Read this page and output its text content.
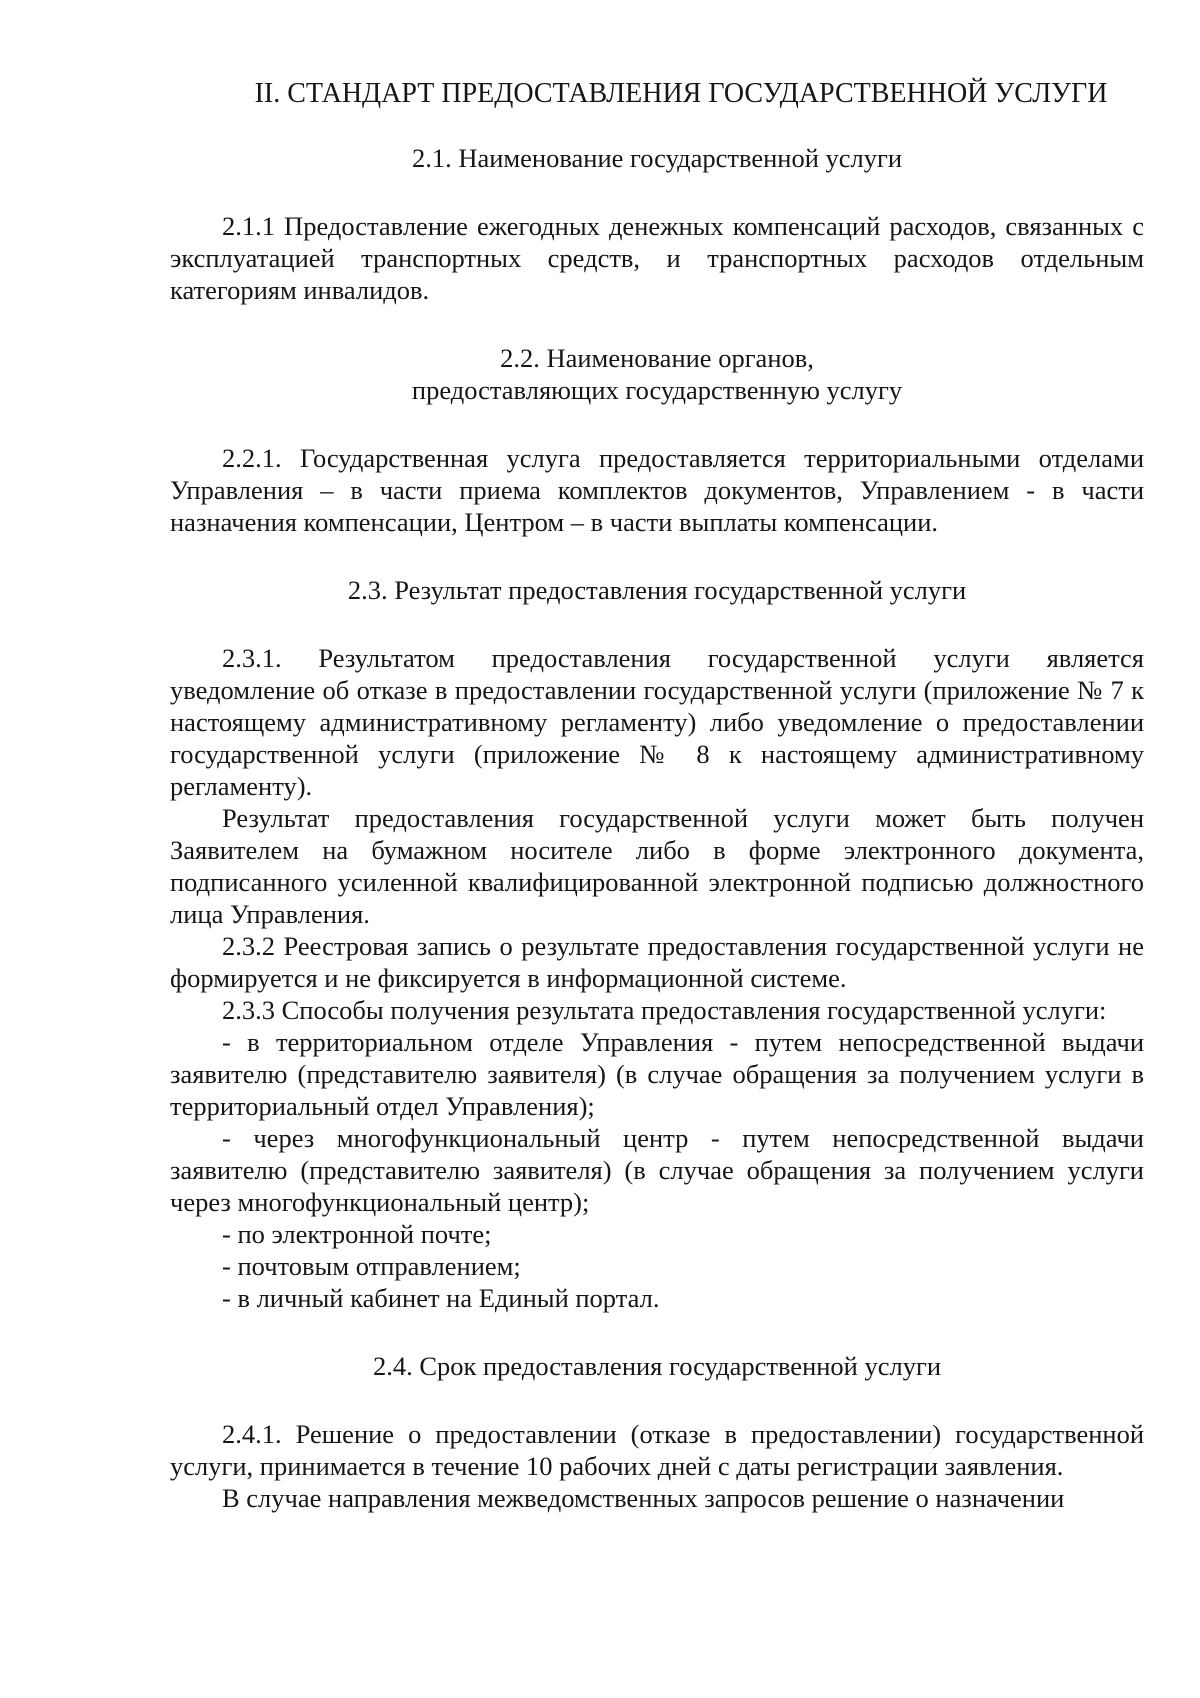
II. СТАНДАРТ ПРЕДОСТАВЛЕНИЯ ГОСУДАРСТВЕННОЙ УСЛУГИ
2.1. Наименование государственной услуги

2.1.1 Предоставление ежегодных денежных компенсаций расходов, связанных с эксплуатацией транспортных средств, и транспортных расходов отдельным категориям инвалидов.

2.2. Наименование органов,
предоставляющих государственную услугу

2.2.1. Государственная услуга предоставляется территориальными отделами Управления – в части приема комплектов документов, Управлением - в части назначения компенсации, Центром – в части выплаты компенсации.

2.3. Результат предоставления государственной услуги

2.3.1. Результатом предоставления государственной услуги является уведомление об отказе в предоставлении государственной услуги (приложение № 7 к настоящему административному регламенту) либо уведомление о предоставлении государственной услуги (приложение № 8 к настоящему административному регламенту).

Результат предоставления государственной услуги может быть получен Заявителем на бумажном носителе либо в форме электронного документа, подписанного усиленной квалифицированной электронной подписью должностного лица Управления.

2.3.2 Реестровая запись о результате предоставления государственной услуги не формируется и не фиксируется в информационной системе.

2.3.3 Способы получения результата предоставления государственной услуги:

- в территориальном отделе Управления - путем непосредственной выдачи заявителю (представителю заявителя) (в случае обращения за получением услуги в территориальный отдел Управления);
- через многофункциональный центр - путем непосредственной выдачи заявителю (представителю заявителя) (в случае обращения за получением услуги через многофункциональный центр);
- по электронной почте;
- почтовым отправлением;
- в личный кабинет на Единый портал.
2.4. Срок предоставления государственной услуги

2.4.1. Решение о предоставлении (отказе в предоставлении) государственной услуги, принимается в течение 10 рабочих дней с даты регистрации заявления.

В случае направления межведомственных запросов решение о назначении
